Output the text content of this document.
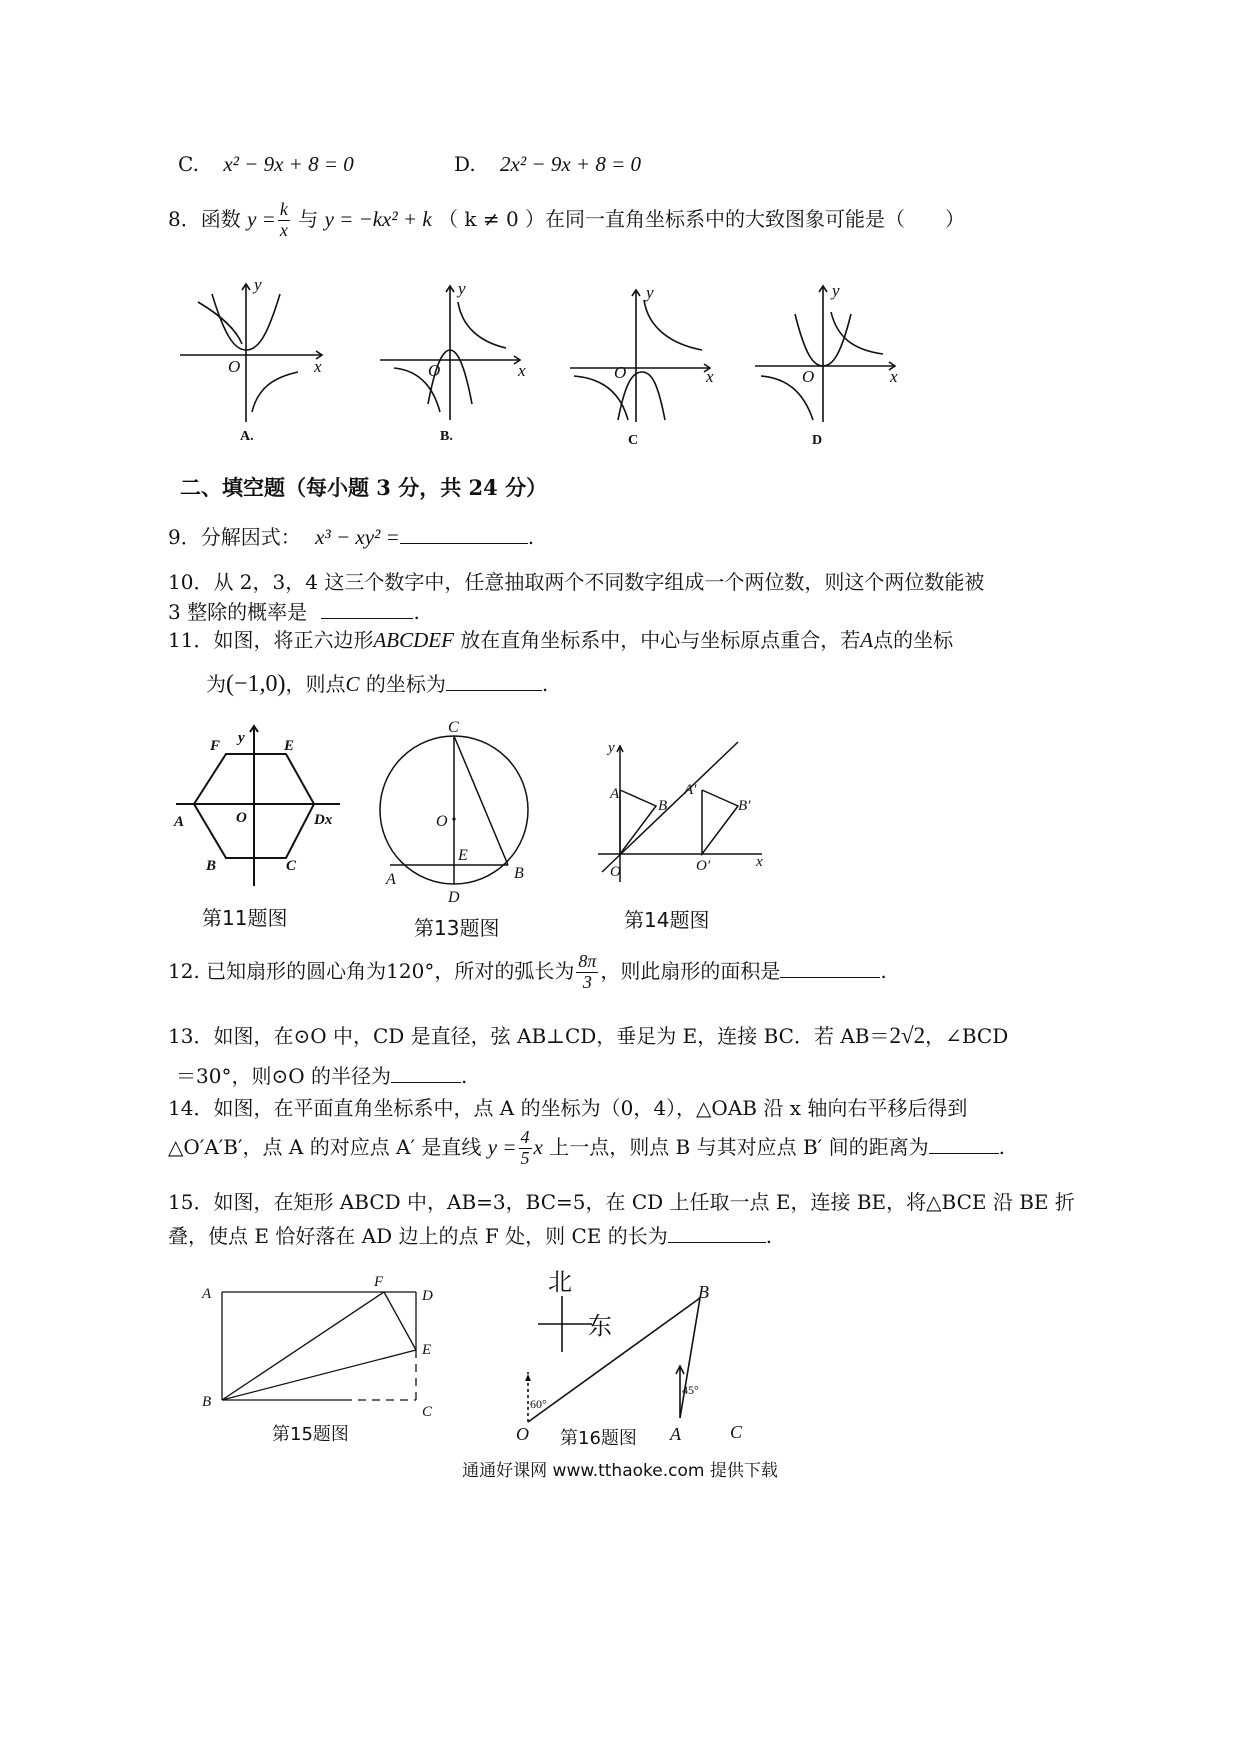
C. x² − 9x + 8 = 0	D. 2x² − 9x + 8 = 0
8．函数 $y = \frac{k}{x}$ 与 y = −kx² + k （ k ≠ 0 ）在同一直角坐标系中的大致图象可能是（　　）
y
x
O
y
x
O
y
x
O
y
x
O
A.	B.	C	D
二、填空题（每小题 3 分，共 24 分）
9．分解因式： x³ − xy² =	.
10．从 2，3，4 这三个数字中，任意抽取两个不同数字组成一个两位数，则这个两位数能被
3 整除的概率是	.
11．如图，将正六边形ABCDEF 放在直角坐标系中，中心与坐标原点重合，若A点的坐标
为(−1,0)，则点C 的坐标为	.
F y	E
A	O	Dx
B	C
第11题图
C
O
E
A	B
D
第13题图
y
A
B
A′
B′
O	O′	x
第14题图
12. 已知扇形的圆心角为120°，所对的弧长为 $\frac{8\pi}{3}$ ，则此扇形的面积是	.
13．如图，在⊙O 中，CD 是直径，弦 AB⊥CD，垂足为 E，连接 BC．若 AB＝2√2，∠BCD
＝30°，则⊙O 的半径为	.
14．如图，在平面直角坐标系中，点 A 的坐标为（0，4），△OAB 沿 x 轴向右平移后得到
△O′A′B′，点 A 的对应点 A′ 是直线 $y = \frac{4}{5}$ x 上一点，则点 B 与其对应点 B′ 间的距离为	.
15．如图，在矩形 ABCD 中，AB=3，BC=5，在 CD 上任取一点 E，连接 BE，将△BCE 沿 BE 折
叠，使点 E 恰好落在 AD 边上的点 F 处，则 CE 的长为	.
A
F
D
E
B
C
第15题图
北
东
B
O	A	C
60°
45°
第16题图
通通好课网 www.tthaoke.com 提供下载
